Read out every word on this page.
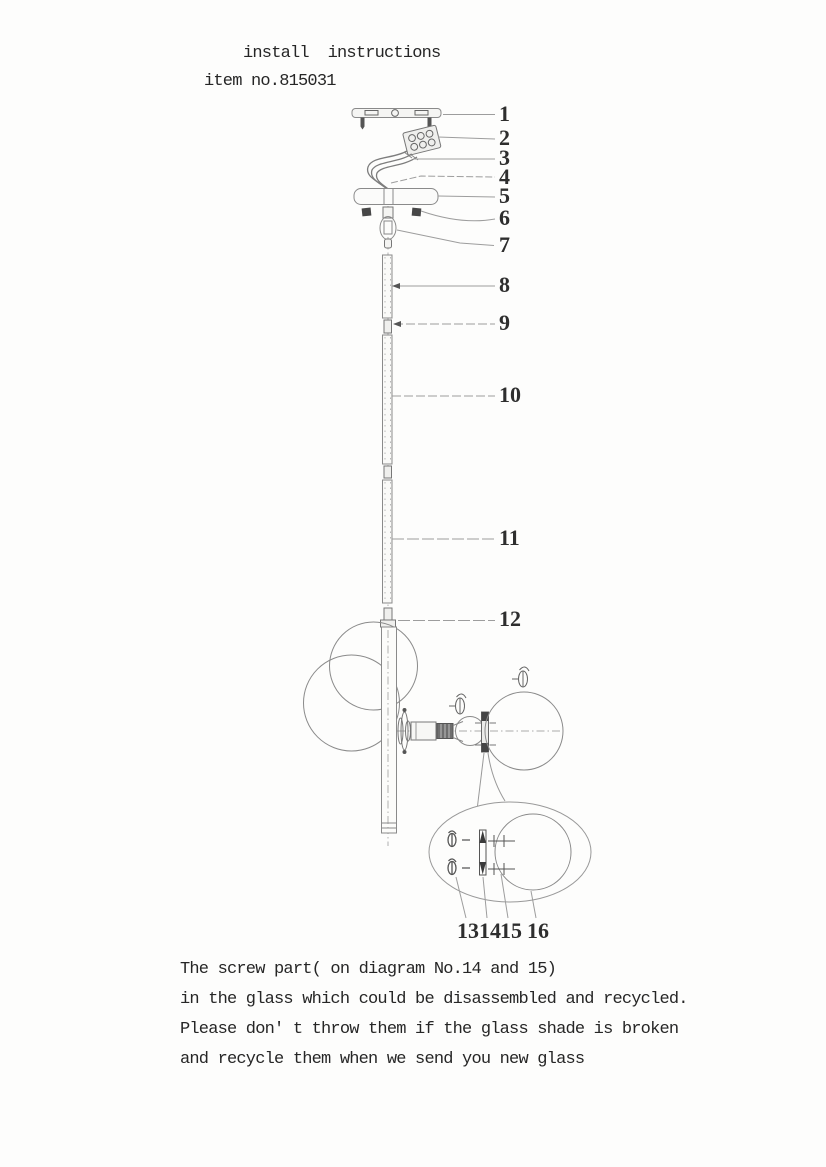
install  instructions
item no.815031
1
2
3
4
5
6
7
8
9
10
11
12
13 14 15 16
The screw part( on diagram No.14 and 15)
in the glass which could be disassembled and recycled.
Please don' t throw them if the glass shade is broken
and recycle them when we send you new glass
